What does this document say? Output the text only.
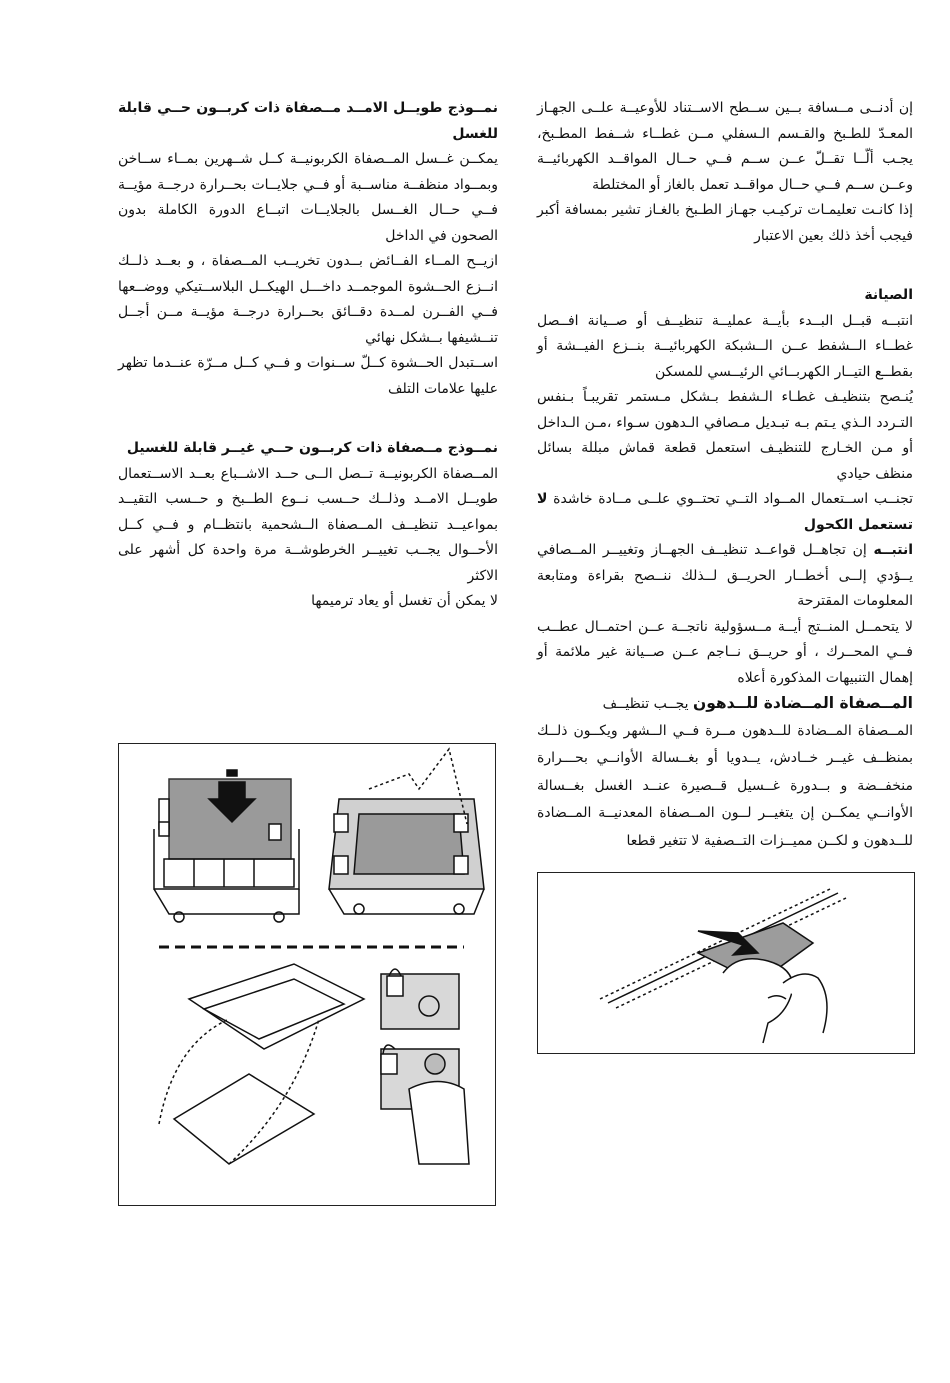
إن أدنــى مــسافة بــين ســطح الاســتناد للأوعيــة علــى الجهـاز المعـدّ للطـبخ والقـسم الـسفلي مــن غطــاء شــفط المطـبخ، يجـب ألّــا تقــلّ عــن ســم فــي حــال المواقــد الكهربائيــة وعــن ســم فــي حــال مواقــد تعمل بالغاز أو المختلطة

إذا كانـت تعليمـات تركيـب جهـاز الطـبخ بالغـاز تشير بمسافة أكبر فيجب أخذ ذلك بعين الاعتبار

الصيانة

انتبــه قبــل البــدء بأيــة عمليــة تنظيــف أو صــيانة افــصل غطــاء الــشفط عــن الــشبكة الكهربائيــة بنــزع الفيــشة أو بقطــع التيــار الكهربــائي الرئيــسي للمسكن

يُنـصح بتنظيـف غطـاء الـشفط بـشكل مـستمر تقريبـاً بـنفس التـردد الـذي يـتم بـه تبـديل مـصافي الـدهون سـواء ،مـن الـداخل أو مـن الخـارج للتنظيـف استعمل قطعة قماش مبللة بسائل منظف حيادي

تجنــب اســتعمال المــواد التــي تحتــوي علــى مــادة خاشدة لا تستعمل الكحول

انتبــه إن تجاهــل قواعــد تنظيــف الجهــاز وتغييــر المــصافي يــؤدي إلــى أخطــار الحريــق لــذلك ننــصح بقراءة ومتابعة المعلومات المقترحة

لا يتحمــل المنــتج أيــة مــسؤولية ناتجــة عــن احتمــال عطــب فــي المحــرك ، أو حريــق نــاجم عــن صــيانة غير ملائمة أو إهمال التنبيهات المذكورة أعلاه

المــصفاة المــضادة للــدهون يجــب تنظيــف

المــصفاة المــضادة للــدهون مــرة فــي الــشهر ويكــون ذلــك بمنظــف غيــر خــادش، يــدويا أو بغــسالة الأوانــي بحـــرارة منخفــضة و بــدورة غــسيل قــصيرة عنــد الغسل بغــسالة الأوانــي يمكــن إن يتغيــر لــون المــصفاة المعدنيــة المــضادة للــدهون و لكــن مميــزات التــصفية لا تتغير قطعا

نمــوذج طويــل الامــد مــصفاة ذات كربــون حــي قابلة للغسل

يمكــن غــسل المــصفاة الكربونيــة كــل شــهرين بمــاء ســاخن وبمــواد منظفــة مناســبة أو فــي جلايــات بحــرارة درجــة مؤيــة فــي حــال الغــسل بالجلايــات اتبــاع الدورة الكاملة بدون الصحون في الداخل

ازيــح المــاء الفــائض بــدون تخريــب المــصفاة ، و بعــد ذلــك انــزع الحــشوة الموجمــد داخـــل الهيكــل البلاســتيكي ووضــعها فــي الفــرن لمــدة دقــائق بحــرارة درجــة مؤيــة مــن أجــل تنــشيفها بــشكل نهائي

اســتبدل الحــشوة كــلّ ســنوات و فــي كــل مــرّة عنــدما تظهر عليها علامات التلف

نمــوذج مــصفاة ذات كربــون حــي غيــر قابلة للغسيل

المــصفاة الكربونيــة تــصل الــى حــد الاشــباع بعــد الاســتعمال طويــل الامــد وذلــك حــسب نــوع الطــبخ و حــسب التقيــد بمواعيــد تنظيــف المــصفاة الــشحمية بانتظــام و فــي كــل الأحــوال يجــب تغييــر الخرطوشــة مرة واحدة كل أشهر على الاكثر

لا يمكن أن تغسل أو يعاد ترميمها
